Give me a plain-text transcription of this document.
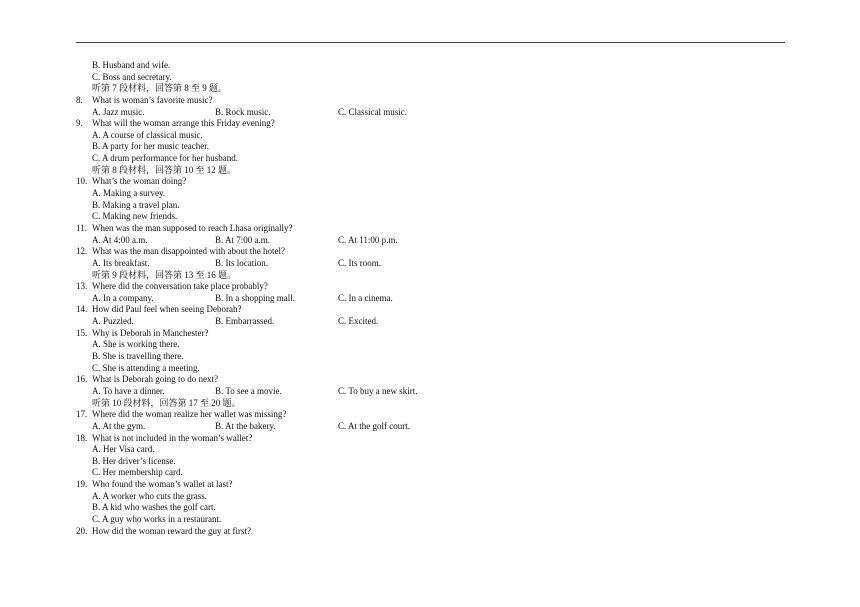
B. Husband and wife.
C. Boss and secretary.
听第 7 段材料，回答第 8 至 9 题。
8. What is woman’s favorite music?
A. Jazz music.	B. Rock music.	C. Classical music.
9. What will the woman arrange this Friday evening?
A. A course of classical music.
B. A party for her music teacher.
C. A drum performance for her husband.
听第 8 段材料，回答第 10 至 12 题。
10. What’s the woman doing?
A. Making a survey.
B. Making a travel plan.
C. Making new friends.
11. When was the man supposed to reach Lhasa originally?
A. At 4:00 a.m.	B. At 7:00 a.m.	C. At 11:00 p.m.
12. What was the man disappointed with about the hotel?
A. Its breakfast.	B. Its location.	C. Its room.
听第 9 段材料，回答第 13 至 16 题。
13. Where did the conversation take place probably?
A. In a company.	B. In a shopping mall.	C. In a cinema.
14. How did Paul feel when seeing Deborah?
A. Puzzled.	B. Embarrassed.	C. Excited.
15. Why is Deborah in Manchester?
A. She is working there.
B. She is travelling there.
C. She is attending a meeting.
16. What is Deborah going to do next?
A. To have a dinner.	B. To see a movie.	C. To buy a new skirt.
听第 10 段材料，回答第 17 至 20 题。
17. Where did the woman realize her wallet was missing?
A. At the gym.	B. At the bakery.	C. At the golf court.
18. What is not included in the woman’s wallet?
A. Her Visa card.
B. Her driver’s license.
C. Her membership card.
19. Who found the woman’s wallet at last?
A. A worker who cuts the grass.
B. A kid who washes the golf cart.
C. A guy who works in a restaurant.
20. How did the woman reward the guy at first?
